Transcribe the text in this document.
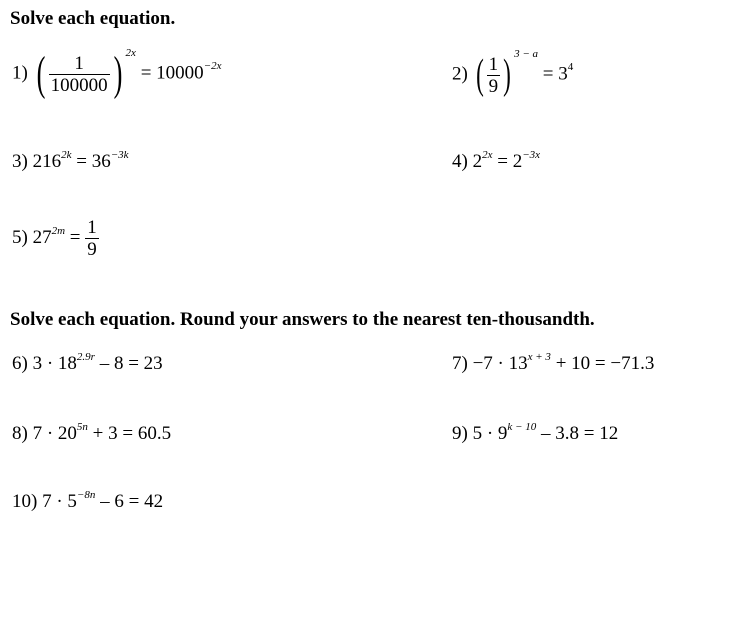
Solve each equation.
1) ( $\frac{1}{100000}$ ) $^{2x} = 10000^{-2x}$	2) ( $\frac{1}{9}$ ) $^{3 - a} = 3^4$
3) $216^{2k} = 36^{-3k}$	4) $2^{2x} = 2^{-3x}$
5) $27^{2m} = \frac{1}{9}$
Solve each equation. Round your answers to the nearest ten-thousandth.
6) $3 \cdot 18^{2.9r} - 8 = 23$	$7) -7 \cdot 13^{x + 3} + 10 = -71.3$
8) $7 \cdot 20^{5n} + 3 = 60.5$	9) $5 \cdot 9^{k - 10} - 3.8 = 12$
10) $7 \cdot 5^{-8n} - 6 = 42$
